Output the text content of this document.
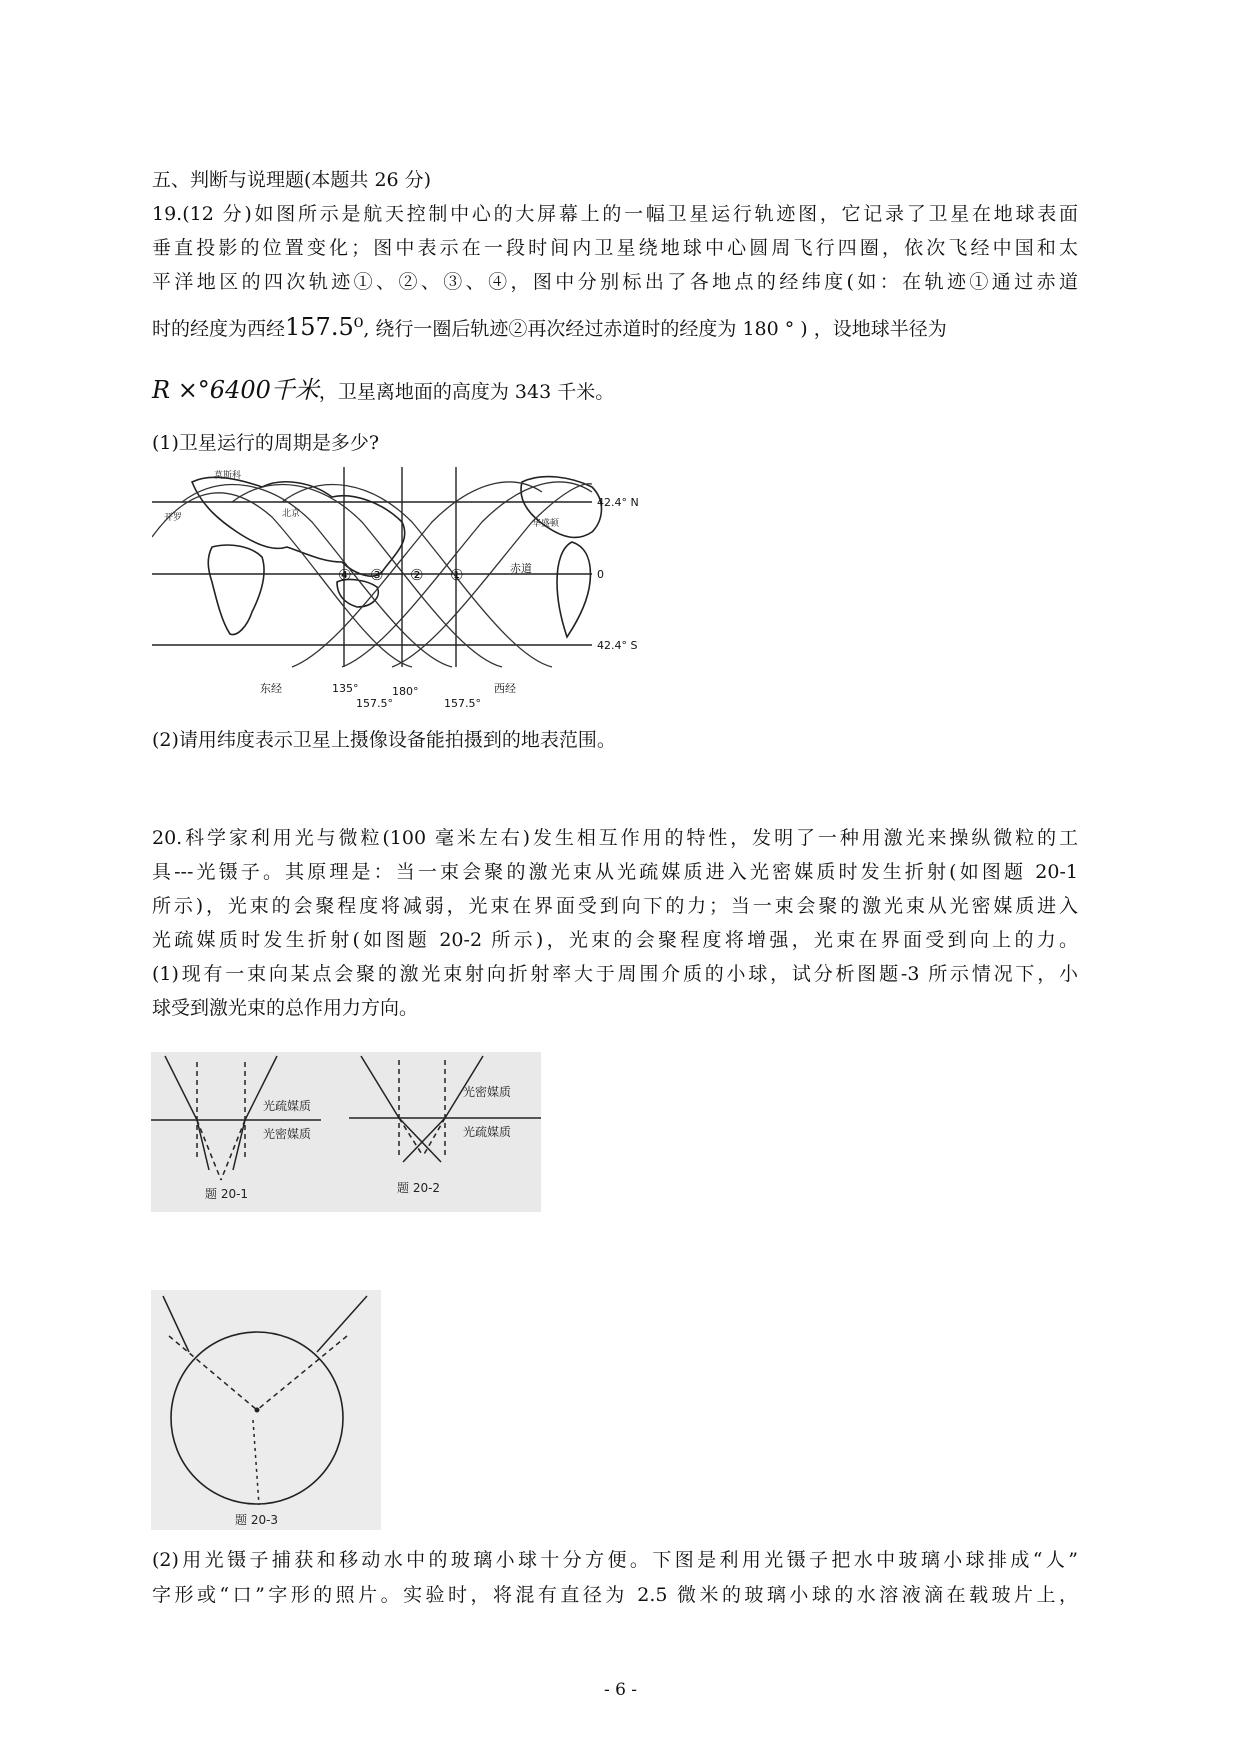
五、判断与说理题(本题共 26 分)
19.(12 分)如图所示是航天控制中心的大屏幕上的一幅卫星运行轨迹图，它记录了卫星在地球表面
垂直投影的位置变化；图中表示在一段时间内卫星绕地球中心圆周飞行四圈，依次飞经中国和太
平洋地区的四次轨迹①、②、③、④，图中分别标出了各地点的经纬度(如：在轨迹①通过赤道
时的经度为西经157.5⁰, 绕行一圈后轨迹②再次经过赤道时的经度为 180 ° ) ，设地球半径为
R ×°6400千米，卫星离地面的高度为 343 千米。
(1)卫星运行的周期是多少?
④ ③ ② ①
莫斯科
北京
华盛顿
开罗
42.4° N
赤道	0
42.4° S
东经	135°
157.5°
180°
157.5°
西经
(2)请用纬度表示卫星上摄像设备能拍摄到的地表范围。
20.科学家利用光与微粒(100 毫米左右)发生相互作用的特性，发明了一种用激光来操纵微粒的工
具---光镊子。其原理是：当一束会聚的激光束从光疏媒质进入光密媒质时发生折射(如图题 20-1
所示)，光束的会聚程度将减弱，光束在界面受到向下的力；当一束会聚的激光束从光密媒质进入
光疏媒质时发生折射(如图题 20-2 所示)，光束的会聚程度将增强，光束在界面受到向上的力。
(1)现有一束向某点会聚的激光束射向折射率大于周围介质的小球，试分析图题-3 所示情况下，小
球受到激光束的总作用力方向。
光疏媒质
光密媒质
题 20-1
光密媒质
光疏媒质
题 20-2
题 20-3
(2)用光镊子捕获和移动水中的玻璃小球十分方便。下图是利用光镊子把水中玻璃小球排成“人”
字形或“口”字形的照片。实验时，将混有直径为 2.5 微米的玻璃小球的水溶液滴在载玻片上，
- 6 -
